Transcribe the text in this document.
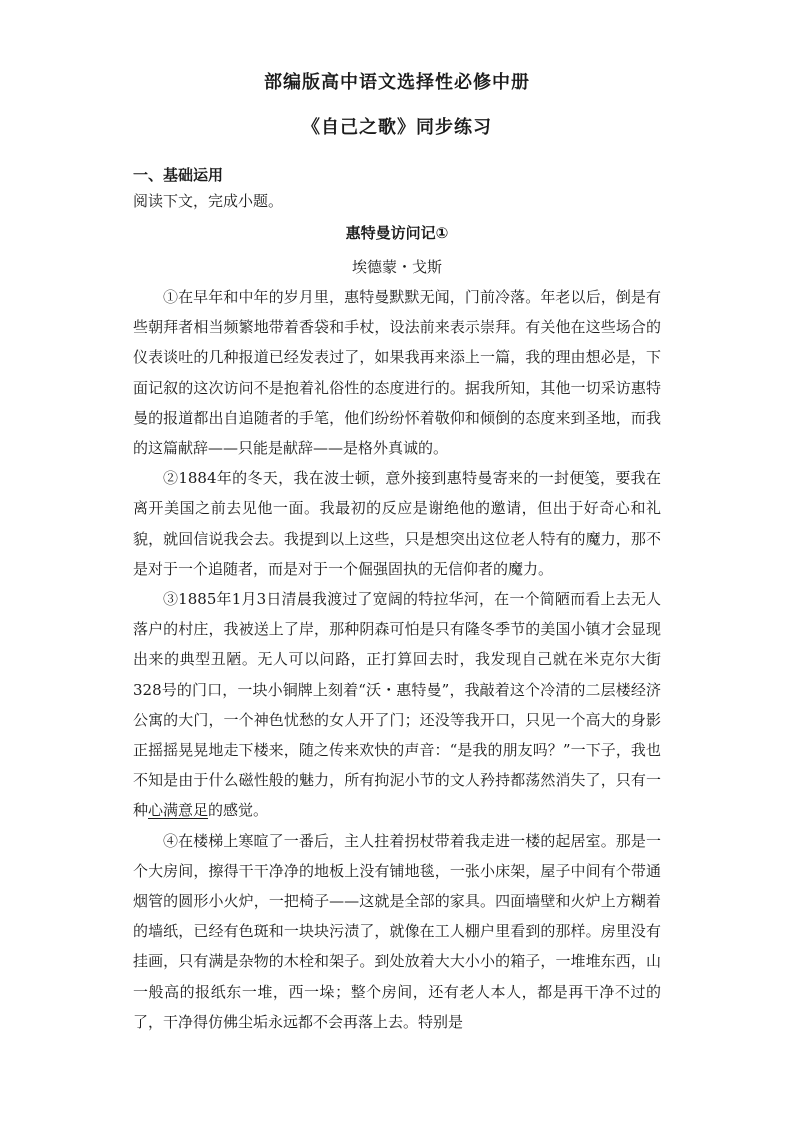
部编版高中语文选择性必修中册
《自己之歌》同步练习
一、基础运用
阅读下文，完成小题。
惠特曼访问记①
埃德蒙・戈斯

①在早年和中年的岁月里，惠特曼默默无闻，门前冷落。年老以后，倒是有些朝拜者相当频繁地带着香袋和手杖，设法前来表示崇拜。有关他在这些场合的仪表谈吐的几种报道已经发表过了，如果我再来添上一篇，我的理由想必是，下面记叙的这次访问不是抱着礼俗性的态度进行的。据我所知，其他一切采访惠特曼的报道都出自追随者的手笔，他们纷纷怀着敬仰和倾倒的态度来到圣地，而我的这篇献辞——只能是献辞——是格外真诚的。

②1884年的冬天，我在波士顿，意外接到惠特曼寄来的一封便笺，要我在离开美国之前去见他一面。我最初的反应是谢绝他的邀请，但出于好奇心和礼貌，就回信说我会去。我提到以上这些，只是想突出这位老人特有的魔力，那不是对于一个追随者，而是对于一个倔强固执的无信仰者的魔力。

③1885年1月3日清晨我渡过了宽阔的特拉华河，在一个简陋而看上去无人落户的村庄，我被送上了岸，那种阴森可怕是只有隆冬季节的美国小镇才会显现出来的典型丑陋。无人可以问路，正打算回去时，我发现自己就在米克尔大街328号的门口，一块小铜牌上刻着“沃・惠特曼”，我敲着这个冷清的二层楼经济公寓的大门，一个神色忧愁的女人开了门；还没等我开口，只见一个高大的身影正摇摇晃晃地走下楼来，随之传来欢快的声音：“是我的朋友吗？”一下子，我也不知是由于什么磁性般的魅力，所有拘泥小节的文人矜持都荡然消失了，只有一种心满意足的感觉。

④在楼梯上寒暄了一番后，主人拄着拐杖带着我走进一楼的起居室。那是一个大房间，擦得干干净净的地板上没有铺地毯，一张小床架，屋子中间有个带通烟管的圆形小火炉，一把椅子——这就是全部的家具。四面墙壁和火炉上方糊着的墙纸，已经有色斑和一块块污渍了，就像在工人棚户里看到的那样。房里没有挂画，只有满是杂物的木栓和架子。到处放着大大小小的箱子，一堆堆东西，山一般高的报纸东一堆，西一垛；整个房间，还有老人本人，都是再干净不过的了，干净得仿佛尘垢永远都不会再落上去。特别是
